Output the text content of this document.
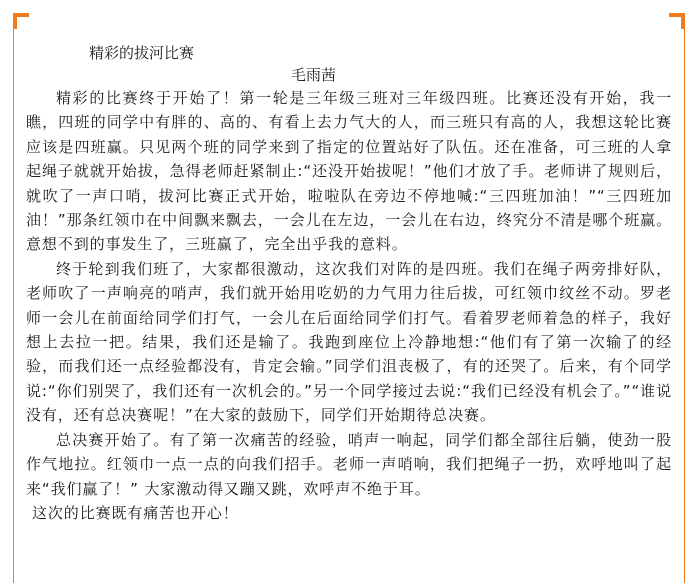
精彩的拔河比赛
毛雨茜

精彩的比赛终于开始了！第一轮是三年级三班对三年级四班。比赛还没有开始，我一瞧，四班的同学中有胖的、高的、有看上去力气大的人，而三班只有高的人，我想这轮比赛应该是四班赢。只见两个班的同学来到了指定的位置站好了队伍。还在准备，可三班的人拿起绳子就就开始拔，急得老师赶紧制止:“还没开始拔呢！”他们才放了手。老师讲了规则后，就吹了一声口哨，拔河比赛正式开始，啦啦队在旁边不停地喊:“三四班加油！”“三四班加油！”那条红领巾在中间飘来飘去，一会儿在左边，一会儿在右边，终究分不清是哪个班赢。意想不到的事发生了，三班赢了，完全出乎我的意料。

终于轮到我们班了，大家都很激动，这次我们对阵的是四班。我们在绳子两旁排好队，老师吹了一声响亮的哨声，我们就开始用吃奶的力气用力往后拔，可红领巾纹丝不动。罗老师一会儿在前面给同学们打气，一会儿在后面给同学们打气。看着罗老师着急的样子，我好想上去拉一把。结果，我们还是输了。我跑到座位上冷静地想:“他们有了第一次输了的经验，而我们还一点经验都没有，肯定会输。”同学们沮丧极了，有的还哭了。后来，有个同学说:“你们别哭了，我们还有一次机会的。”另一个同学接过去说:“我们已经没有机会了。”“谁说没有，还有总决赛呢！”在大家的鼓励下，同学们开始期待总决赛。

总决赛开始了。有了第一次痛苦的经验，哨声一响起，同学们都全部往后躺，使劲一股作气地拉。红领巾一点一点的向我们招手。老师一声哨响，我们把绳子一扔，欢呼地叫了起来“我们赢了！” 大家激动得又蹦又跳，欢呼声不绝于耳。

这次的比赛既有痛苦也开心！
